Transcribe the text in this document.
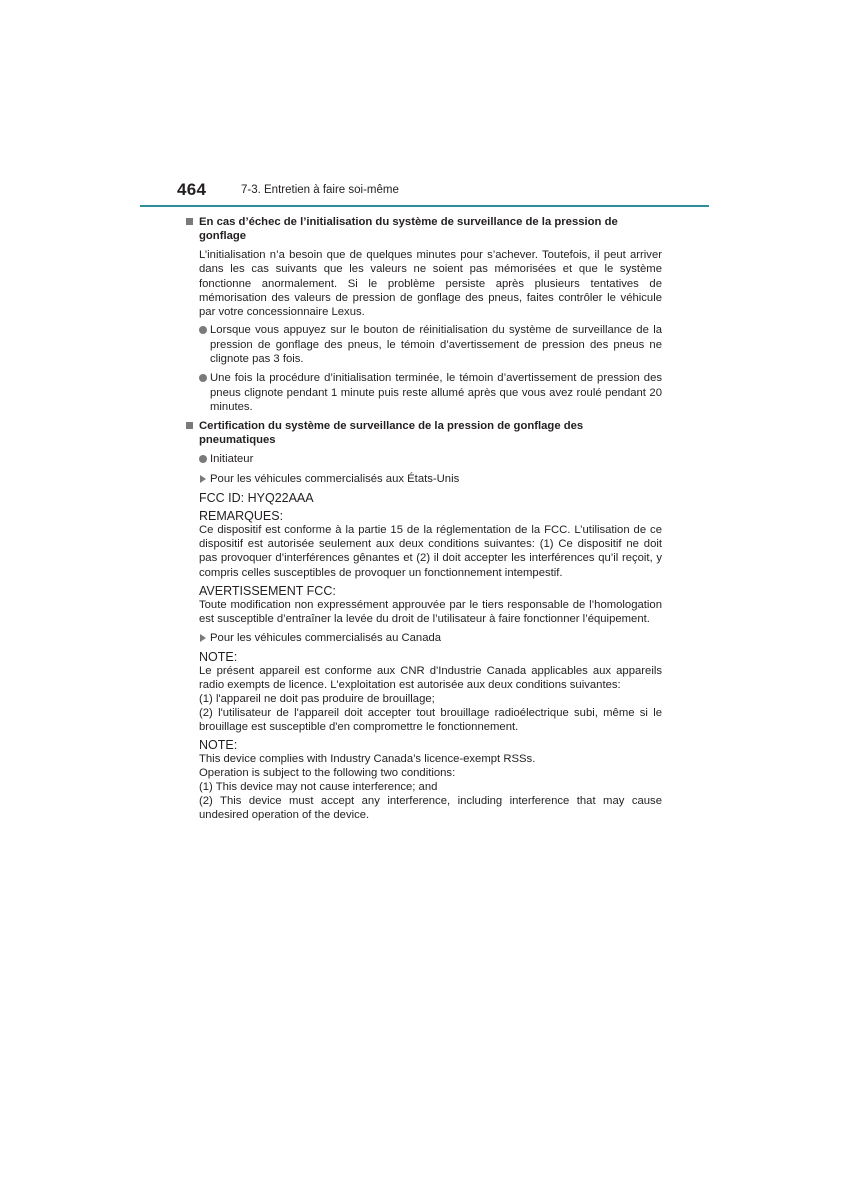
464	7-3. Entretien à faire soi-même
En cas d’échec de l’initialisation du système de surveillance de la pression de gonflage
L’initialisation n’a besoin que de quelques minutes pour s’achever. Toutefois, il peut arriver dans les cas suivants que les valeurs ne soient pas mémorisées et que le système fonctionne anormalement. Si le problème persiste après plusieurs tentatives de mémorisation des valeurs de pression de gonflage des pneus, faites contrôler le véhicule par votre concessionnaire Lexus.
Lorsque vous appuyez sur le bouton de réinitialisation du système de surveillance de la pression de gonflage des pneus, le témoin d’avertissement de pression des pneus ne clignote pas 3 fois.
Une fois la procédure d’initialisation terminée, le témoin d’avertissement de pression des pneus clignote pendant 1 minute puis reste allumé après que vous avez roulé pendant 20 minutes.
Certification du système de surveillance de la pression de gonflage des pneumatiques
Initiateur
Pour les véhicules commercialisés aux États-Unis
FCC ID: HYQ22AAA
REMARQUES:
Ce dispositif est conforme à la partie 15 de la réglementation de la FCC. L’utilisation de ce dispositif est autorisée seulement aux deux conditions suivantes: (1) Ce dispositif ne doit pas provoquer d’interférences gênantes et (2) il doit accepter les interférences qu’il reçoit, y compris celles susceptibles de provoquer un fonctionnement intempestif.
AVERTISSEMENT FCC:
Toute modification non expressément approuvée par le tiers responsable de l’homologation est susceptible d’entraîner la levée du droit de l’utilisateur à faire fonctionner l’équipement.
Pour les véhicules commercialisés au Canada
NOTE:
Le présent appareil est conforme aux CNR d'Industrie Canada applicables aux appareils radio exempts de licence. L'exploitation est autorisée aux deux conditions suivantes:
(1) l'appareil ne doit pas produire de brouillage;
(2) l'utilisateur de l'appareil doit accepter tout brouillage radioélectrique subi, même si le brouillage est susceptible d'en compromettre le fonctionnement.
NOTE:
This device complies with Industry Canada’s licence-exempt RSSs.
Operation is subject to the following two conditions:
(1) This device may not cause interference; and
(2) This device must accept any interference, including interference that may cause undesired operation of the device.
